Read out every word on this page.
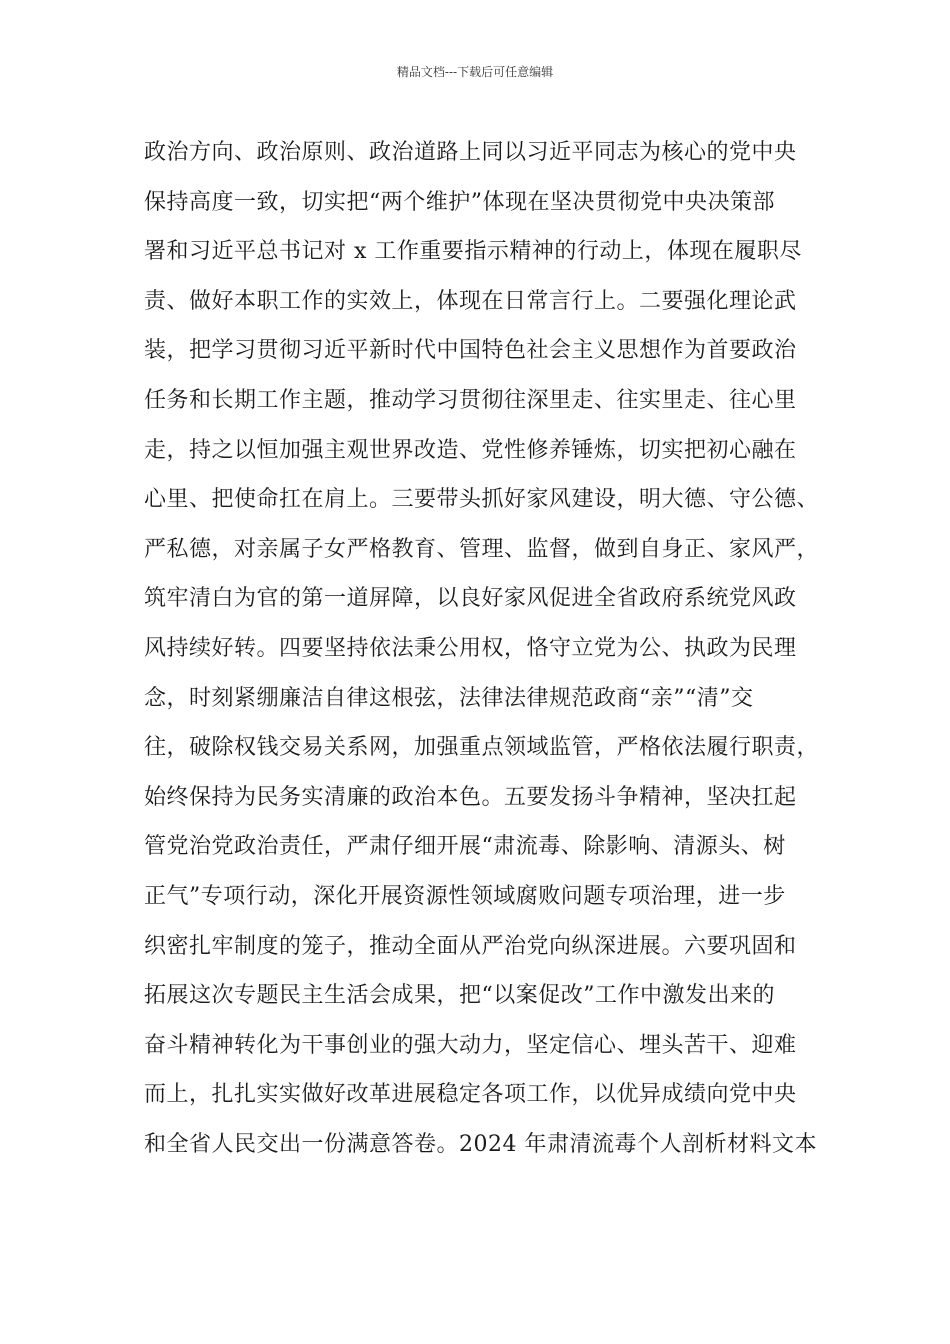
精品文档---下载后可任意编辑
政治方向、政治原则、政治道路上同以习近平同志为核心的党中央
保持高度一致，切实把“两个维护”体现在坚决贯彻党中央决策部
署和习近平总书记对 x 工作重要指示精神的行动上，体现在履职尽
责、做好本职工作的实效上，体现在日常言行上。二要强化理论武
装，把学习贯彻习近平新时代中国特色社会主义思想作为首要政治
任务和长期工作主题，推动学习贯彻往深里走、往实里走、往心里
走，持之以恒加强主观世界改造、党性修养锤炼，切实把初心融在
心里、把使命扛在肩上。三要带头抓好家风建设，明大德、守公德、
严私德，对亲属子女严格教育、管理、监督，做到自身正、家风严，
筑牢清白为官的第一道屏障，以良好家风促进全省政府系统党风政
风持续好转。四要坚持依法秉公用权，恪守立党为公、执政为民理
念，时刻紧绷廉洁自律这根弦，法律法律规范政商“亲”“清”交
往，破除权钱交易关系网，加强重点领域监管，严格依法履行职责，
始终保持为民务实清廉的政治本色。五要发扬斗争精神，坚决扛起
管党治党政治责任，严肃仔细开展“肃流毒、除影响、清源头、树
正气”专项行动，深化开展资源性领域腐败问题专项治理，进一步
织密扎牢制度的笼子，推动全面从严治党向纵深进展。六要巩固和
拓展这次专题民主生活会成果，把“以案促改”工作中激发出来的
奋斗精神转化为干事创业的强大动力，坚定信心、埋头苦干、迎难
而上，扎扎实实做好改革进展稳定各项工作，以优异成绩向党中央
和全省人民交出一份满意答卷。2024 年肃清流毒个人剖析材料文本
